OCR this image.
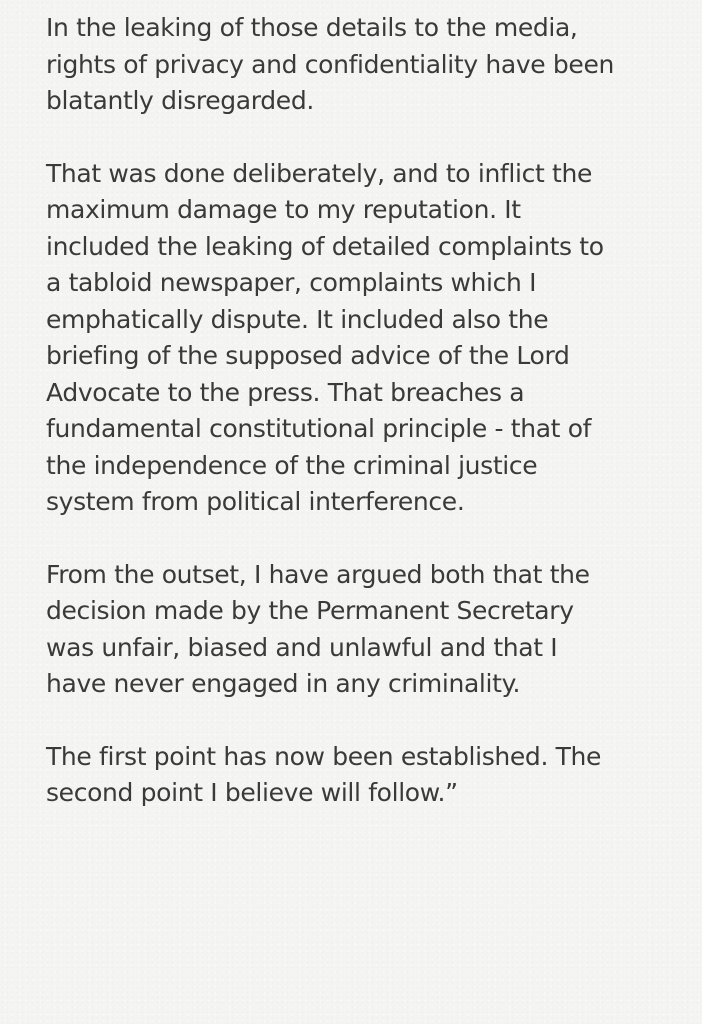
In the leaking of those details to the media,
rights of privacy and confidentiality have been
blatantly disregarded.

That was done deliberately, and to inflict the
maximum damage to my reputation. It
included the leaking of detailed complaints to
a tabloid newspaper, complaints which I
emphatically dispute. It included also the
briefing of the supposed advice of the Lord
Advocate to the press. That breaches a
fundamental constitutional principle - that of
the independence of the criminal justice
system from political interference.

From the outset, I have argued both that the
decision made by the Permanent Secretary
was unfair, biased and unlawful and that I
have never engaged in any criminality.

The first point has now been established. The
second point I believe will follow.”
